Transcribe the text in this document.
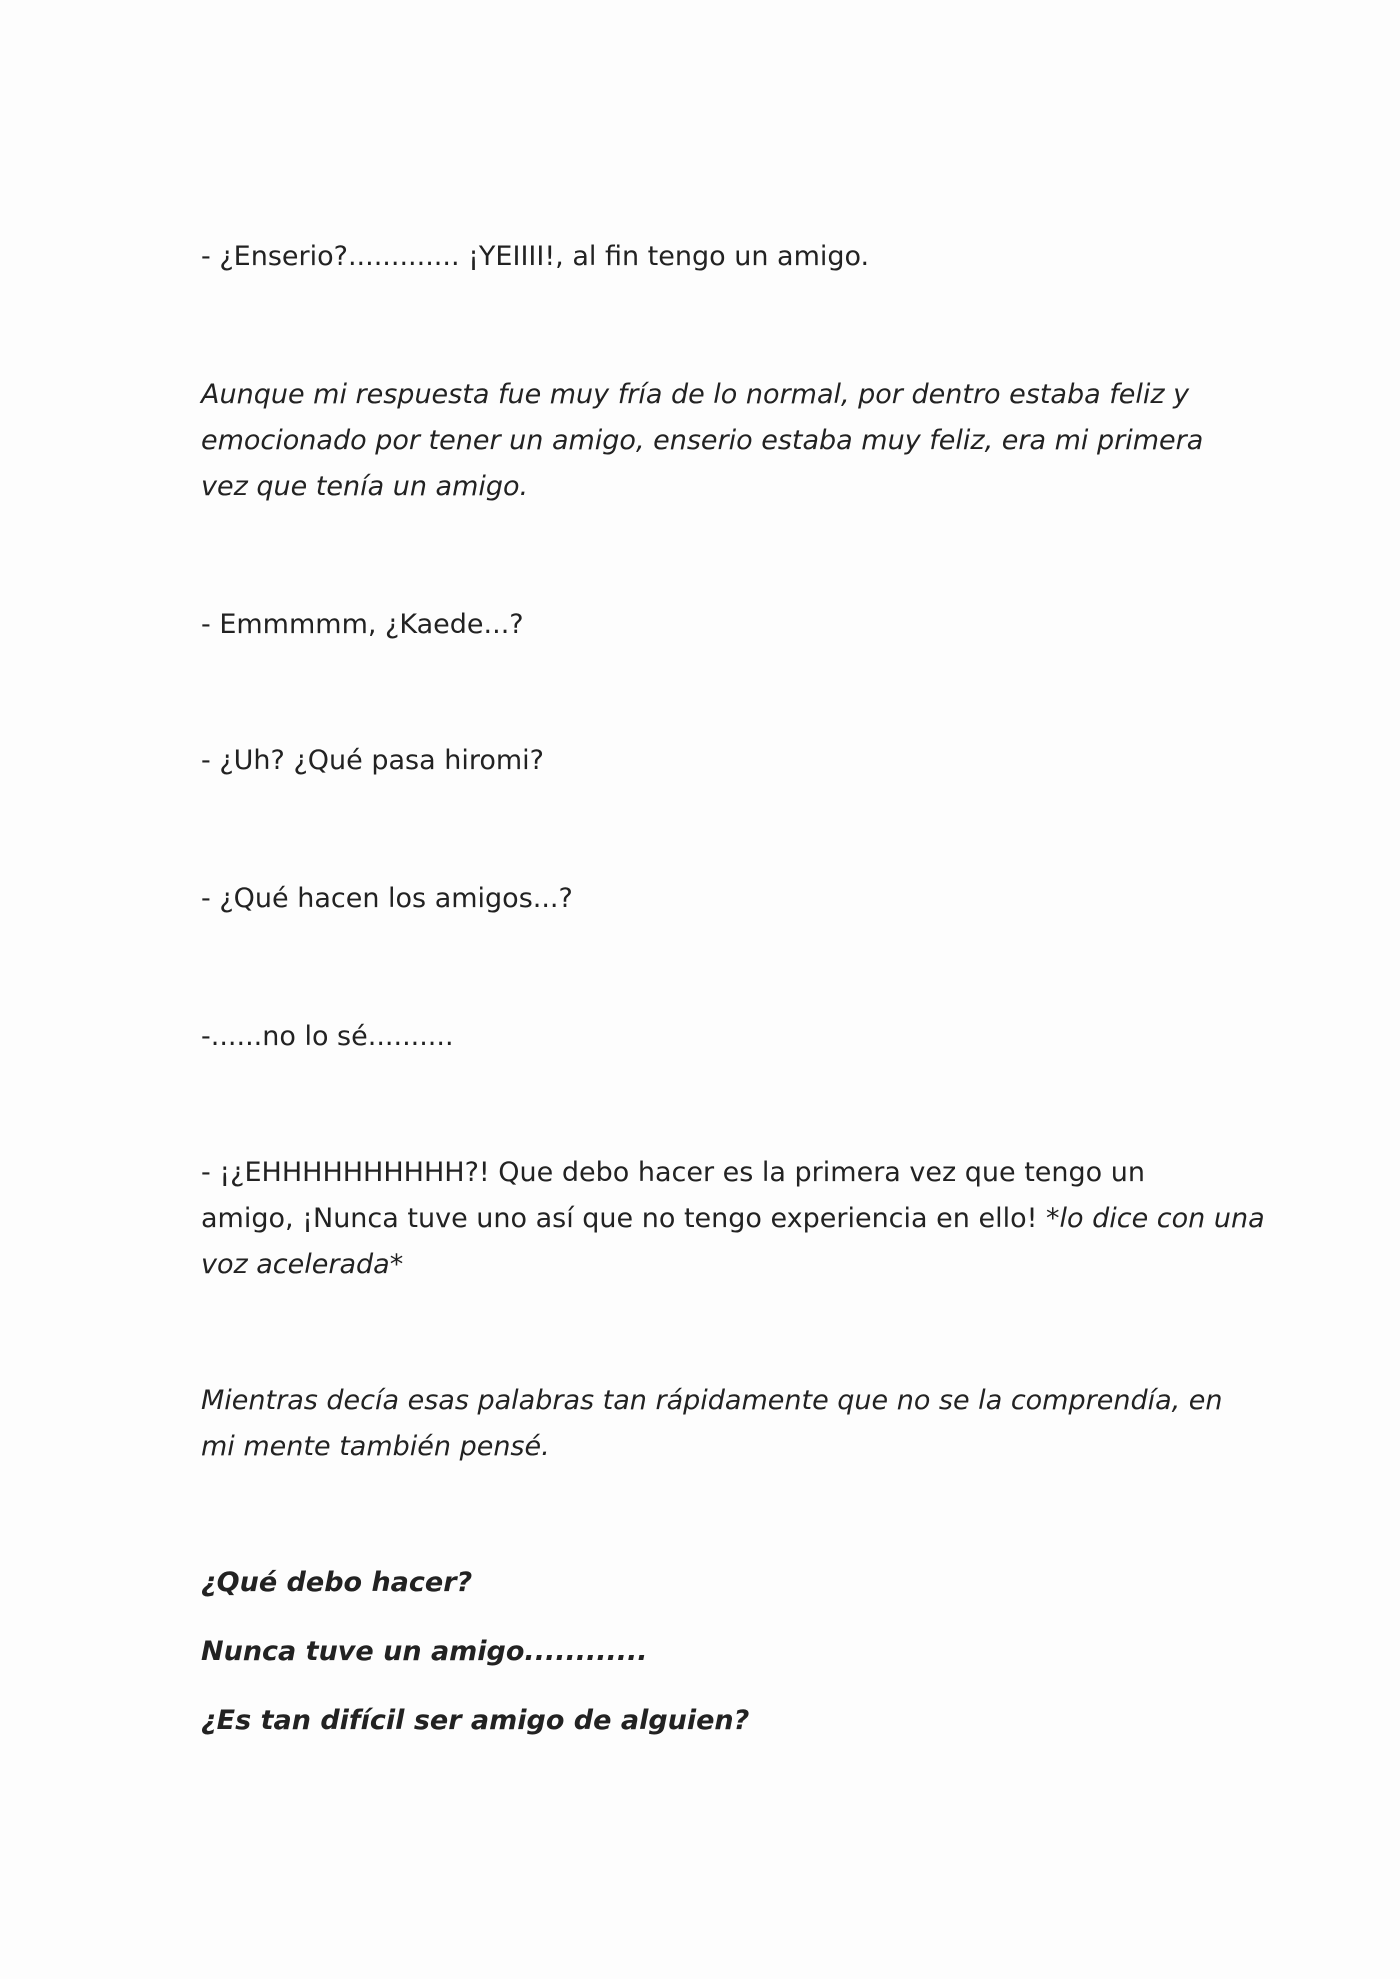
- ¿Enserio?............. ¡YEIIII!, al fin tengo un amigo.

Aunque mi respuesta fue muy fría de lo normal, por dentro estaba feliz y
emocionado por tener un amigo, enserio estaba muy feliz, era mi primera
vez que tenía un amigo.

- Emmmmm, ¿Kaede...?

- ¿Uh? ¿Qué pasa hiromi?

- ¿Qué hacen los amigos...?

-......no lo sé..........

- ¡¿EHHHHHHHHHH?! Que debo hacer es la primera vez que tengo un
amigo, ¡Nunca tuve uno así que no tengo experiencia en ello! *lo dice con una
voz acelerada*
Mientras decía esas palabras tan rápidamente que no se la comprendía, en
mi mente también pensé.

¿Qué debo hacer?

Nunca tuve un amigo............

¿Es tan difícil ser amigo de alguien?
